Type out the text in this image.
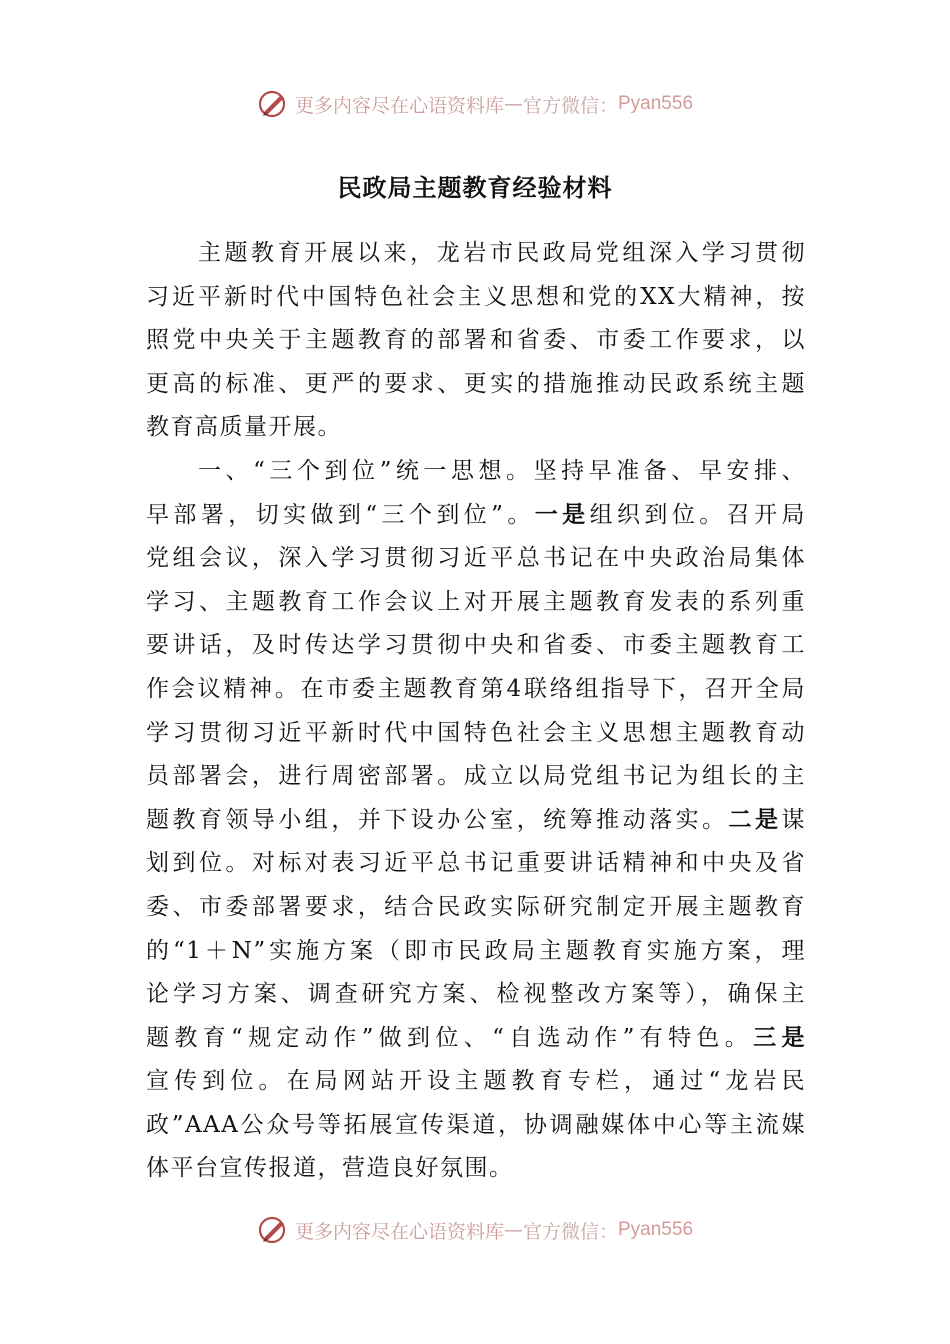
更多内容尽在心语资料库 — 官方微信： Pyan556
民政局主题教育经验材料
主题教育开展以来，龙岩市民政局党组深入学习贯彻
习近平新时代中国特色社会主义思想和党的XX大精神，按
照党中央关于主题教育的部署和省委、市委工作要求，以
更高的标准、更严的要求、更实的措施推动民政系统主题
教育高质量开展。
一、“三个到位”统一思想。坚持早准备、早安排、
早部署，切实做到“三个到位”。一是组织到位。召开局
党组会议，深入学习贯彻习近平总书记在中央政治局集体
学习、主题教育工作会议上对开展主题教育发表的系列重
要讲话，及时传达学习贯彻中央和省委、市委主题教育工
作会议精神。在市委主题教育第4联络组指导下，召开全局
学习贯彻习近平新时代中国特色社会主义思想主题教育动
员部署会，进行周密部署。成立以局党组书记为组长的主
题教育领导小组，并下设办公室，统筹推动落实。二是谋
划到位。对标对表习近平总书记重要讲话精神和中央及省
委、市委部署要求，结合民政实际研究制定开展主题教育
的“1＋N”实施方案（即市民政局主题教育实施方案，理
论学习方案、调查研究方案、检视整改方案等），确保主
题教育“规定动作”做到位、“自选动作”有特色。三是
宣传到位。在局网站开设主题教育专栏，通过“龙岩民
政”AAA公众号等拓展宣传渠道，协调融媒体中心等主流媒
体平台宣传报道，营造良好氛围。
更多内容尽在心语资料库 — 官方微信： Pyan556
